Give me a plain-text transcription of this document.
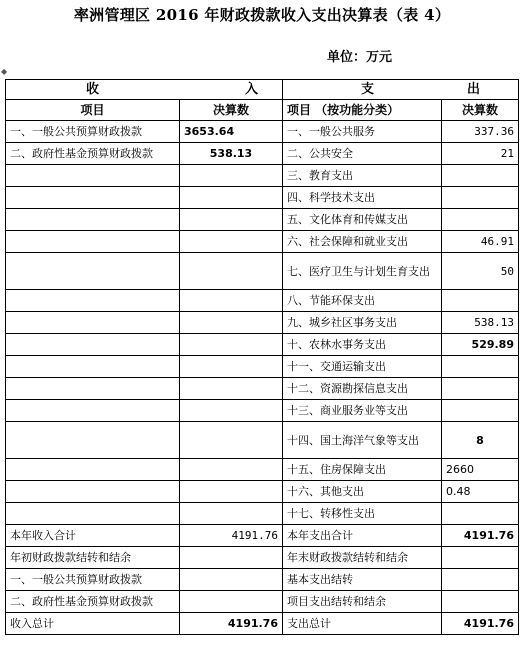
率洲管理区 2016 年财政拨款收入支出决算表（表 4）
◆
单位：万元
收 入		支 出	

项目	决算数	项目 （按功能分类）	决算数
一、一般公共预算财政拨款	3653.64	一、一般公共服务	337.36
二、政府性基金预算财政拨款	538.13	二、公共安全	21
		三、教育支出	
		四、科学技术支出	
		五、文化体育和传媒支出	
		六、社会保障和就业支出	46.91
		七、医疗卫生与计划生育支出	50
		八、节能环保支出	
		九、城乡社区事务支出	538.13
		十、农林水事务支出	529.89
		十一、交通运输支出	
		十二、资源勘探信息支出	
		十三、商业服务业等支出	
		十四、国土海洋气象等支出	8
		十五、住房保障支出	2660
		十六、其他支出	0.48
		十七、转移性支出	
本年收入合计	4191.76	本年支出合计	4191.76
年初财政拨款结转和结余		年末财政拨款结转和结余	
一、一般公共预算财政拨款		基本支出结转	
二、政府性基金预算财政拨款		项目支出结转和结余	
收入总计	4191.76	支出总计	4191.76
